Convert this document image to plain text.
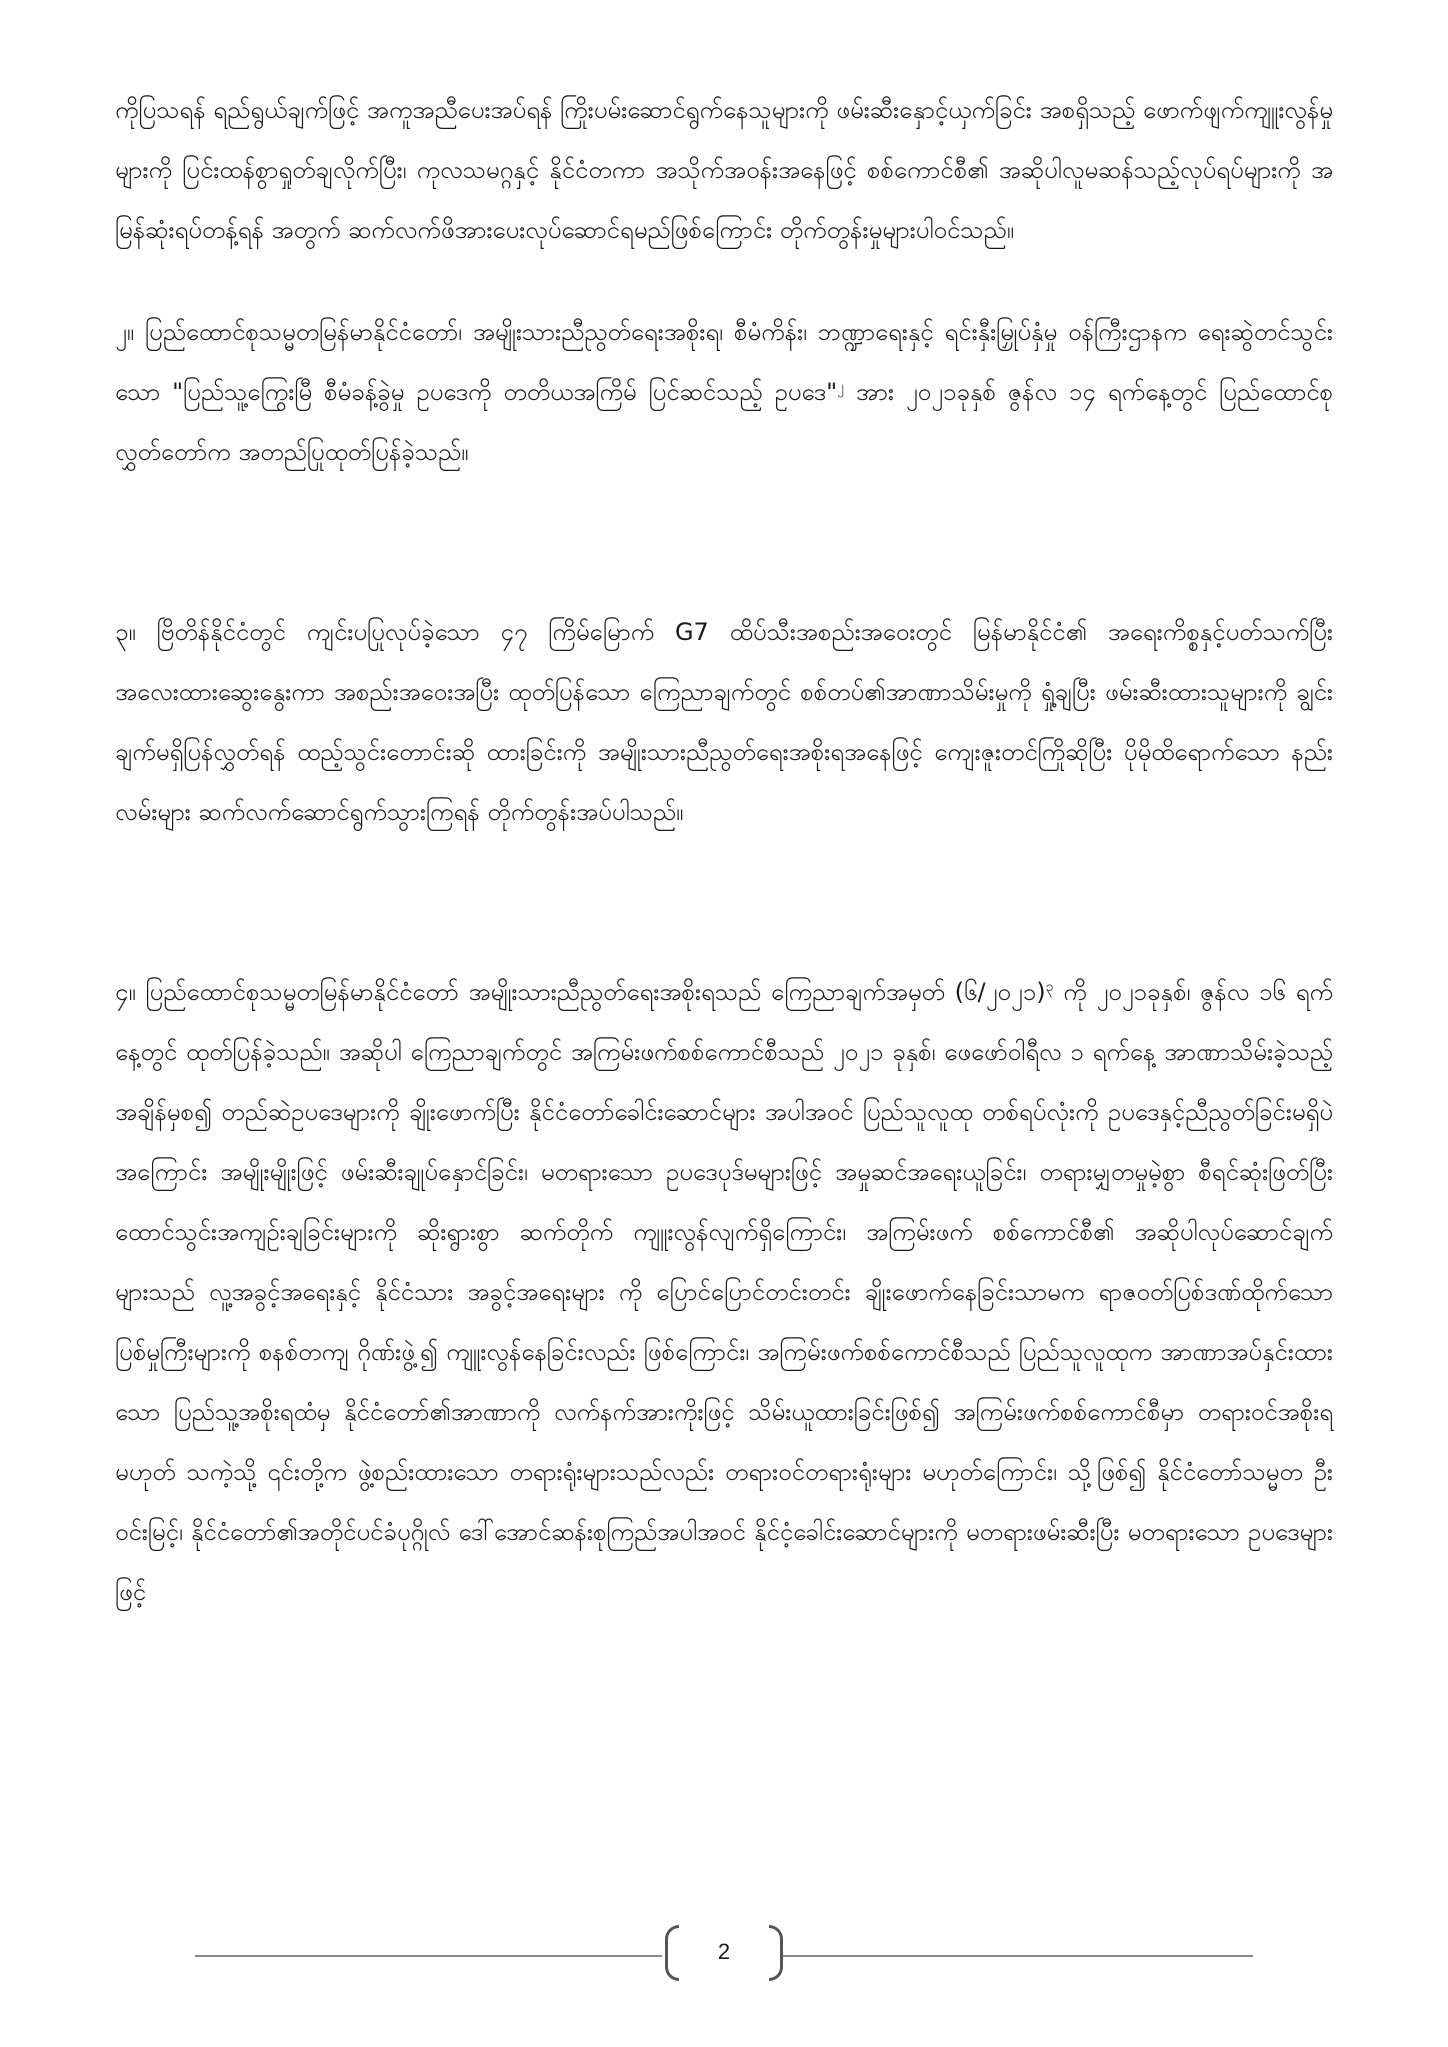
ကိုပြသရန် ရည်ရွယ်ချက်ဖြင့် အကူအညီပေးအပ်ရန် ကြိုးပမ်းဆောင်ရွက်နေသူများကို ဖမ်းဆီးနှောင့်ယှက်ခြင်း အစရှိသည့် ဖောက်ဖျက်ကျူးလွန်မှုများကို ပြင်းထန်စွာရှုတ်ချလိုက်ပြီး၊ ကုလသမဂ္ဂနှင့် နိုင်ငံတကာ အသိုက်အဝန်းအနေဖြင့် စစ်ကောင်စီ၏ အဆိုပါလူမဆန်သည့်လုပ်ရပ်များကို အမြန်ဆုံးရပ်တန့်ရန် အတွက် ဆက်လက်ဖိအားပေးလုပ်ဆောင်ရမည်ဖြစ်ကြောင်း တိုက်တွန်းမှုများပါဝင်သည်။

၂။ ပြည်ထောင်စုသမ္မတမြန်မာနိုင်ငံတော်၊ အမျိုးသားညီညွတ်ရေးအစိုးရ၊ စီမံကိန်း၊ ဘဏ္ဍာရေးနှင့် ရင်းနှီးမြှုပ်နှံမှု ဝန်ကြီးဌာနက ရေးဆွဲတင်သွင်းသော "ပြည်သူ့ကြွေးမြီ စီမံခန့်ခွဲမှု ဥပဒေကို တတိယအကြိမ် ပြင်ဆင်သည့် ဥပဒေ"$^၂$ အား ၂၀၂၁ခုနှစ် ဇွန်လ ၁၄ ရက်နေ့တွင် ပြည်ထောင်စုလွှတ်တော်က အတည်ပြုထုတ်ပြန်ခဲ့သည်။

၃။ ဗြိတိန်နိုင်ငံတွင် ကျင်းပပြုလုပ်ခဲ့သော ၄၇ ကြိမ်မြောက် G7 ထိပ်သီးအစည်းအဝေးတွင် မြန်မာနိုင်ငံ၏ အရေးကိစ္စနှင့်ပတ်သက်ပြီး အလေးထားဆွေးနွေးကာ အစည်းအဝေးအပြီး ထုတ်ပြန်သော ကြေညာချက်တွင် စစ်တပ်၏အာဏာသိမ်းမှုကို ရှုံ့ချပြီး ဖမ်းဆီးထားသူများကို ချွင်းချက်မရှိပြန်လွှတ်ရန် ထည့်သွင်းတောင်းဆို ထားခြင်းကို အမျိုးသားညီညွတ်ရေးအစိုးရအနေဖြင့် ကျေးဇူးတင်ကြိုဆိုပြီး ပိုမိုထိရောက်သော နည်းလမ်းများ ဆက်လက်ဆောင်ရွက်သွားကြရန် တိုက်တွန်းအပ်ပါသည်။

၄။ ပြည်ထောင်စုသမ္မတမြန်မာနိုင်ငံတော် အမျိုးသားညီညွတ်ရေးအစိုးရသည် ကြေညာချက်အမှတ် (၆/၂၀၂၁)$^၃$ ကို ၂၀၂၁ခုနှစ်၊ ဇွန်လ ၁၆ ရက်နေ့တွင် ထုတ်ပြန်ခဲ့သည်။ အဆိုပါ ကြေညာချက်တွင် အကြမ်းဖက်စစ်ကောင်စီသည် ၂၀၂၁ ခုနှစ်၊ ဖေဖော်ဝါရီလ ၁ ရက်နေ့ အာဏာသိမ်းခဲ့သည့် အချိန်မှစ၍ တည်ဆဲဥပဒေများကို ချိုးဖောက်ပြီး နိုင်ငံတော်ခေါင်းဆောင်များ အပါအဝင် ပြည်သူလူထု တစ်ရပ်လုံးကို ဥပဒေနှင့်ညီညွတ်ခြင်းမရှိပဲ အကြောင်း အမျိုးမျိုးဖြင့် ဖမ်းဆီးချုပ်နှောင်ခြင်း၊ မတရားသော ဥပဒေပုဒ်မများဖြင့် အမှုဆင်အရေးယူခြင်း၊ တရားမျှတမှုမဲ့စွာ စီရင်ဆုံးဖြတ်ပြီး ထောင်သွင်းအကျဉ်းချခြင်းများကို ဆိုးရွားစွာ ဆက်တိုက် ကျူးလွန်လျက်ရှိကြောင်း၊ အကြမ်းဖက် စစ်ကောင်စီ၏ အဆိုပါလုပ်ဆောင်ချက်များသည် လူ့အခွင့်အရေးနှင့် နိုင်ငံသား အခွင့်အရေးများ ကို ပြောင်ပြောင်တင်းတင်း ချိုးဖောက်နေခြင်းသာမက ရာဇဝတ်ပြစ်ဒဏ်ထိုက်သော ပြစ်မှုကြီးများကို စနစ်တကျ ဂိုဏ်းဖွဲ့၍ ကျူးလွန်နေခြင်းလည်း ဖြစ်ကြောင်း၊ အကြမ်းဖက်စစ်ကောင်စီသည် ပြည်သူလူထုက အာဏာအပ်နှင်းထားသော ပြည်သူ့အစိုးရထံမှ နိုင်ငံတော်၏အာဏာကို လက်နက်အားကိုးဖြင့် သိမ်းယူထားခြင်းဖြစ်၍ အကြမ်းဖက်စစ်ကောင်စီမှာ တရားဝင်အစိုးရမဟုတ် သကဲ့သို့ ၎င်းတို့က ဖွဲ့စည်းထားသော တရားရုံးများသည်လည်း တရားဝင်တရားရုံးများ မဟုတ်ကြောင်း၊ သို့ဖြစ်၍ နိုင်ငံတော်သမ္မတ ဦးဝင်းမြင့်၊ နိုင်ငံတော်၏အတိုင်ပင်ခံပုဂ္ဂိုလ် ဒေါ်အောင်ဆန်းစုကြည်အပါအဝင် နိုင်ငံ့ခေါင်းဆောင်များကို မတရားဖမ်းဆီးပြီး မတရားသော ဥပဒေများဖြင့်

2
